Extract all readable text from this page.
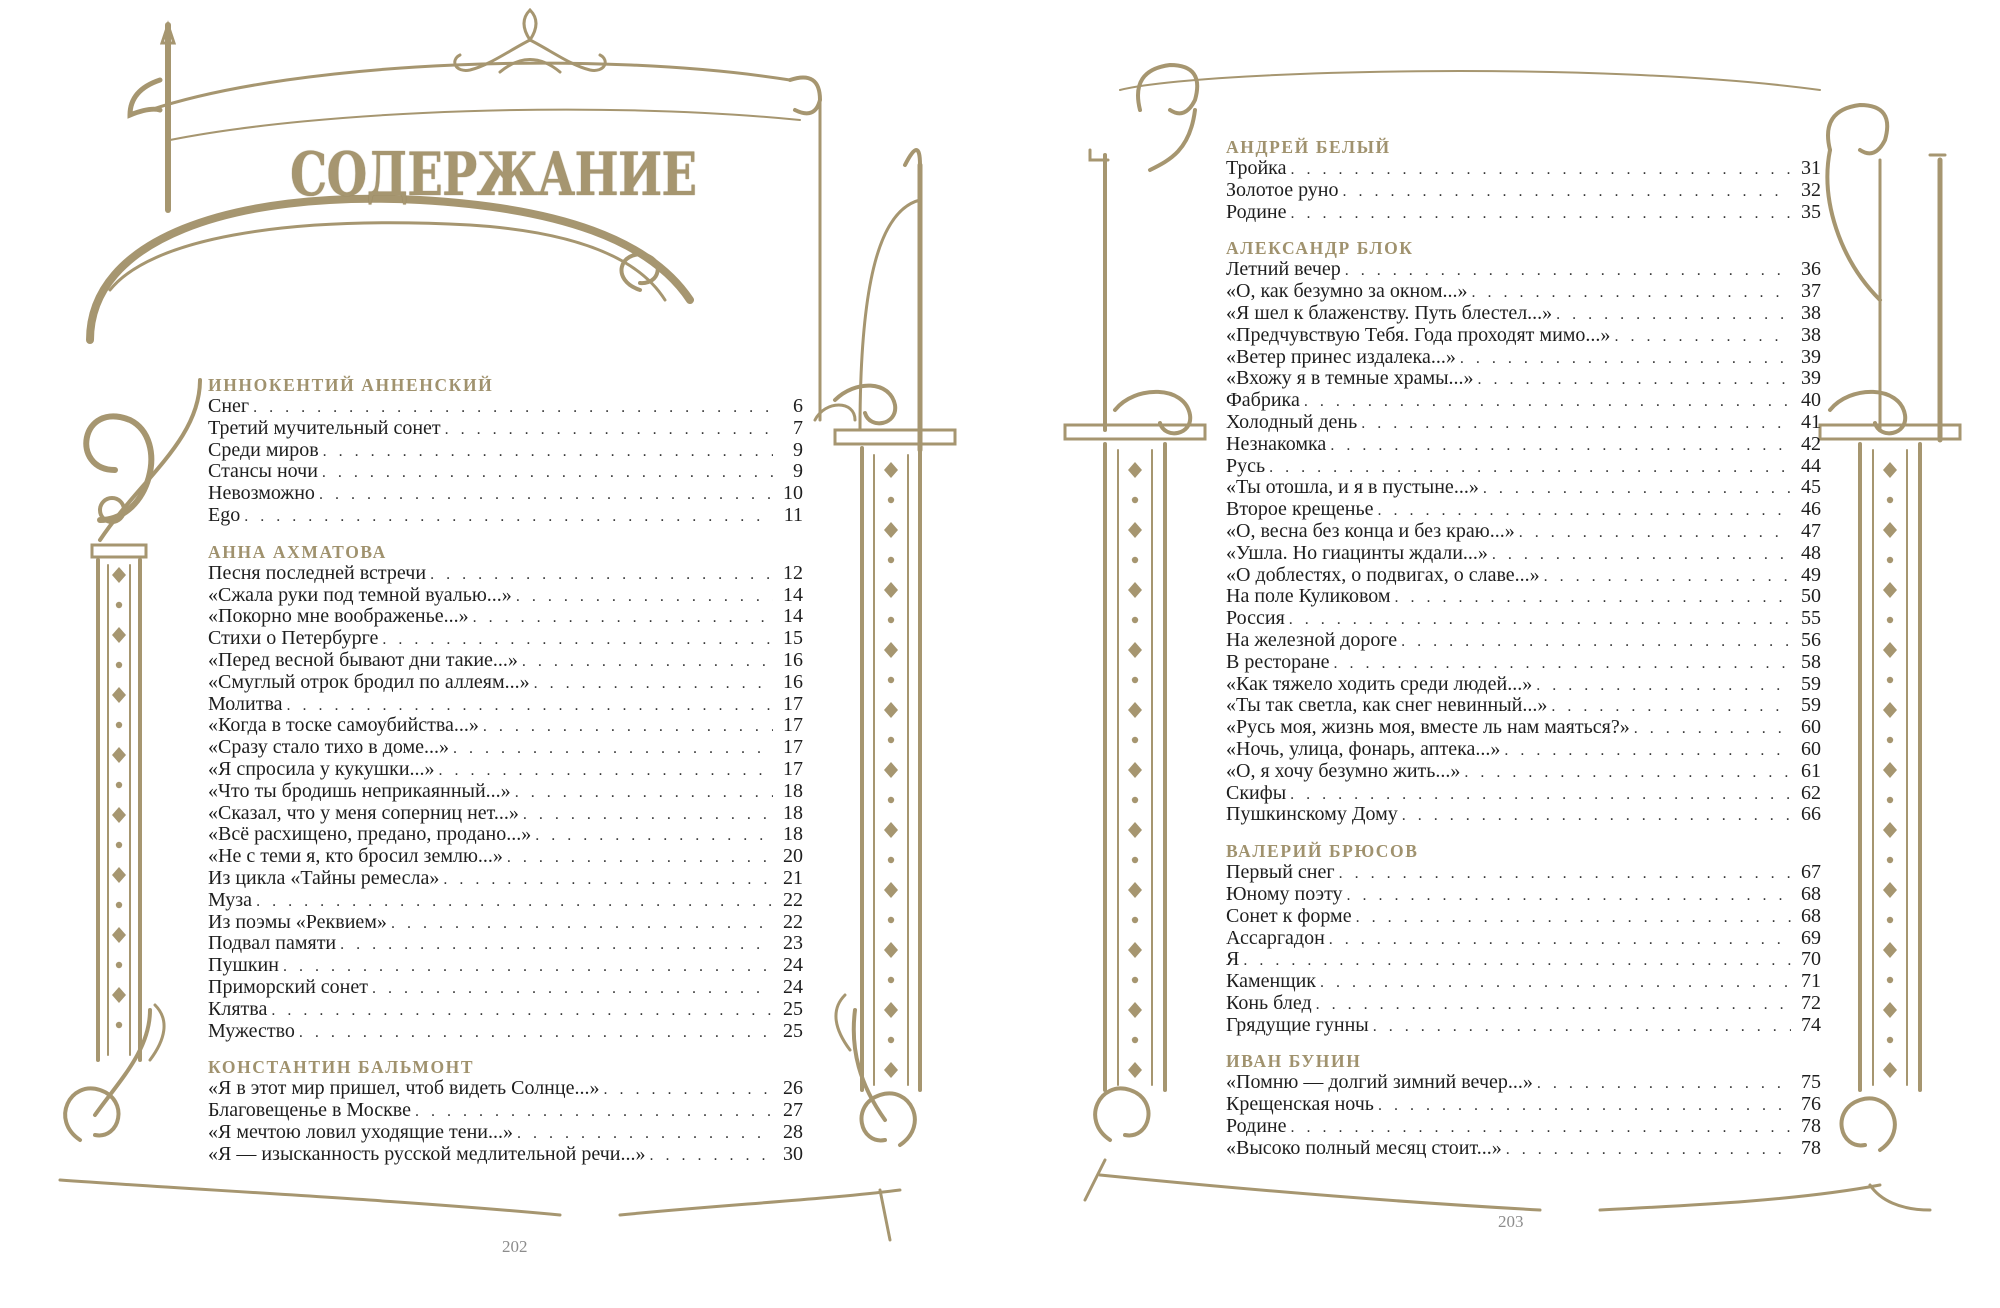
СОДЕРЖАНИЕ
ИННОКЕНТИЙ АННЕНСКИЙ
Снег . . .	6
Третий мучительный сонет . . .	7
Среди миров . . .	9
Стансы ночи . . .	9
Невозможно . . .	10
Ego . . .	11
АННА АХМАТОВА
Песня последней встречи . . .	12
«Сжала руки под темной вуалью...» . . .	14
«Покорно мне воображенье...» . . .	14
Стихи о Петербурге . . .	15
«Перед весной бывают дни такие...» . . .	16
«Смуглый отрок бродил по аллеям...» . . .	16
Молитва . . .	17
«Когда в тоске самоубийства...» . . .	17
«Сразу стало тихо в доме...» . . .	17
«Я спросила у кукушки...» . . .	17
«Что ты бродишь неприкаянный...» . . .	18
«Сказал, что у меня соперниц нет...» . . .	18
«Всё расхищено, предано, продано...» . . .	18
«Не с теми я, кто бросил землю...» . . .	20
Из цикла «Тайны ремесла» . . .	21
Муза . . .	22
Из поэмы «Реквием» . . .	22
Подвал памяти . . .	23
Пушкин . . .	24
Приморский сонет . . .	24
Клятва . . .	25
Мужество . . .	25
КОНСТАНТИН БАЛЬМОНТ
«Я в этот мир пришел, чтоб видеть Солнце...» . . .	26
Благовещенье в Москве . . .	27
«Я мечтою ловил уходящие тени...» . . .	28
«Я — изысканность русской медлительной речи...» . . .	30
АНДРЕЙ БЕЛЫЙ
Тройка . . .	31
Золотое руно . . .	32
Родине . . .	35
АЛЕКСАНДР БЛОК
Летний вечер . . .	36
«О, как безумно за окном...» . . .	37
«Я шел к блаженству. Путь блестел...» . . .	38
«Предчувствую Тебя. Года проходят мимо...» . . .	38
«Ветер принес издалека...» . . .	39
«Вхожу я в темные храмы...» . . .	39
Фабрика . . .	40
Холодный день . . .	41
Незнакомка . . .	42
Русь . . .	44
«Ты отошла, и я в пустыне...» . . .	45
Второе крещенье . . .	46
«О, весна без конца и без краю...» . . .	47
«Ушла. Но гиацинты ждали...» . . .	48
«О доблестях, о подвигах, о славе...» . . .	49
На поле Куликовом . . .	50
Россия . . .	55
На железной дороге . . .	56
В ресторане . . .	58
«Как тяжело ходить среди людей...» . . .	59
«Ты так светла, как снег невинный...» . . .	59
«Русь моя, жизнь моя, вместе ль нам маяться?» . . .	60
«Ночь, улица, фонарь, аптека...» . . .	60
«О, я хочу безумно жить...» . . .	61
Скифы . . .	62
Пушкинскому Дому . . .	66
ВАЛЕРИЙ БРЮСОВ
Первый снег . . .	67
Юному поэту . . .	68
Сонет к форме . . .	68
Ассаргадон . . .	69
Я . . .	70
Каменщик . . .	71
Конь блед . . .	72
Грядущие гунны . . .	74
ИВАН БУНИН
«Помню — долгий зимний вечер...» . . .	75
Крещенская ночь . . .	76
Родине . . .	78
«Высоко полный месяц стоит...» . . .	78
202
203
